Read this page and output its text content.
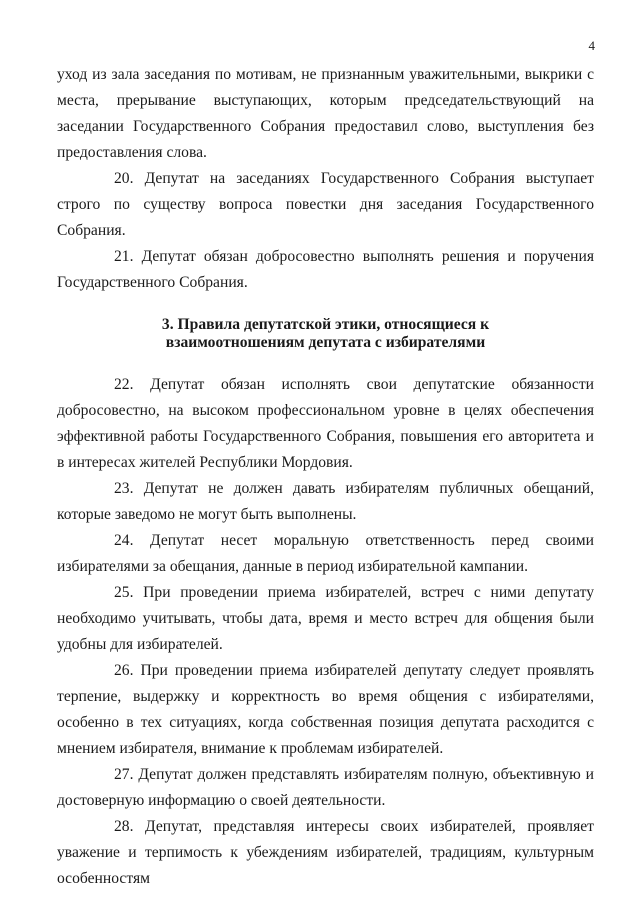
4

уход из зала заседания по мотивам, не признанным уважительными, выкрики с места, прерывание выступающих, которым председательствующий на заседании Государственного Собрания предоставил слово, выступления без предоставления слова.

20. Депутат на заседаниях Государственного Собрания выступает строго по существу вопроса повестки дня заседания Государственного Собрания.

21. Депутат обязан добросовестно выполнять решения и поручения Государственного Собрания.

3. Правила депутатской этики, относящиеся к взаимоотношениям депутата с избирателями

22. Депутат обязан исполнять свои депутатские обязанности добросовестно, на высоком профессиональном уровне в целях обеспечения эффективной работы Государственного Собрания, повышения его авторитета и в интересах жителей Республики Мордовия.

23. Депутат не должен давать избирателям публичных обещаний, которые заведомо не могут быть выполнены.

24. Депутат несет моральную ответственность перед своими избирателями за обещания, данные в период избирательной кампании.

25. При проведении приема избирателей, встреч с ними депутату необходимо учитывать, чтобы дата, время и место встреч для общения были удобны для избирателей.

26. При проведении приема избирателей депутату следует проявлять терпение, выдержку и корректность во время общения с избирателями, особенно в тех ситуациях, когда собственная позиция депутата расходится с мнением избирателя, внимание к проблемам избирателей.

27. Депутат должен представлять избирателям полную, объективную и достоверную информацию о своей деятельности.

28. Депутат, представляя интересы своих избирателей, проявляет уважение и терпимость к убеждениям избирателей, традициям, культурным особенностям
